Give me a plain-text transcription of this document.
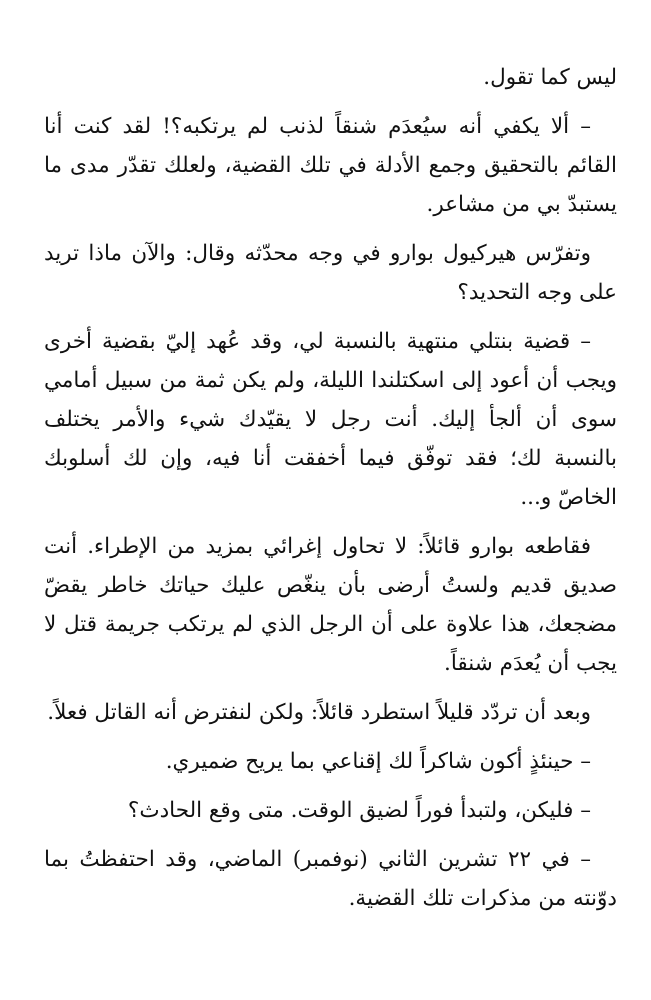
ليس كما تقول.

– ألا يكفي أنه سيُعدَم شنقاً لذنب لم يرتكبه؟! لقد كنت أنا القائم بالتحقيق وجمع الأدلة في تلك القضية، ولعلك تقدّر مدى ما يستبدّ بي من مشاعر.

وتفرّس هيركيول بوارو في وجه محدّثه وقال: والآن ماذا تريد على وجه التحديد؟

– قضية بنتلي منتهية بالنسبة لي، وقد عُهد إليّ بقضية أخرى ويجب أن أعود إلى اسكتلندا الليلة، ولم يكن ثمة من سبيل أمامي سوى أن ألجأ إليك. أنت رجل لا يقيّدك شيء والأمر يختلف بالنسبة لك؛ فقد توفّق فيما أخفقت أنا فيه، وإن لك أسلوبك الخاصّ و...

فقاطعه بوارو قائلاً: لا تحاول إغرائي بمزيد من الإطراء. أنت صديق قديم ولستُ أرضى بأن ينغّص عليك حياتك خاطر يقضّ مضجعك، هذا علاوة على أن الرجل الذي لم يرتكب جريمة قتل لا يجب أن يُعدَم شنقاً.

وبعد أن تردّد قليلاً استطرد قائلاً: ولكن لنفترض أنه القاتل فعلاً.

– حينئذٍ أكون شاكراً لك إقناعي بما يريح ضميري.

– فليكن، ولتبدأ فوراً لضيق الوقت. متى وقع الحادث؟

– في ٢٢ تشرين الثاني (نوفمبر) الماضي، وقد احتفظتُ بما دوّنته من مذكرات تلك القضية.
